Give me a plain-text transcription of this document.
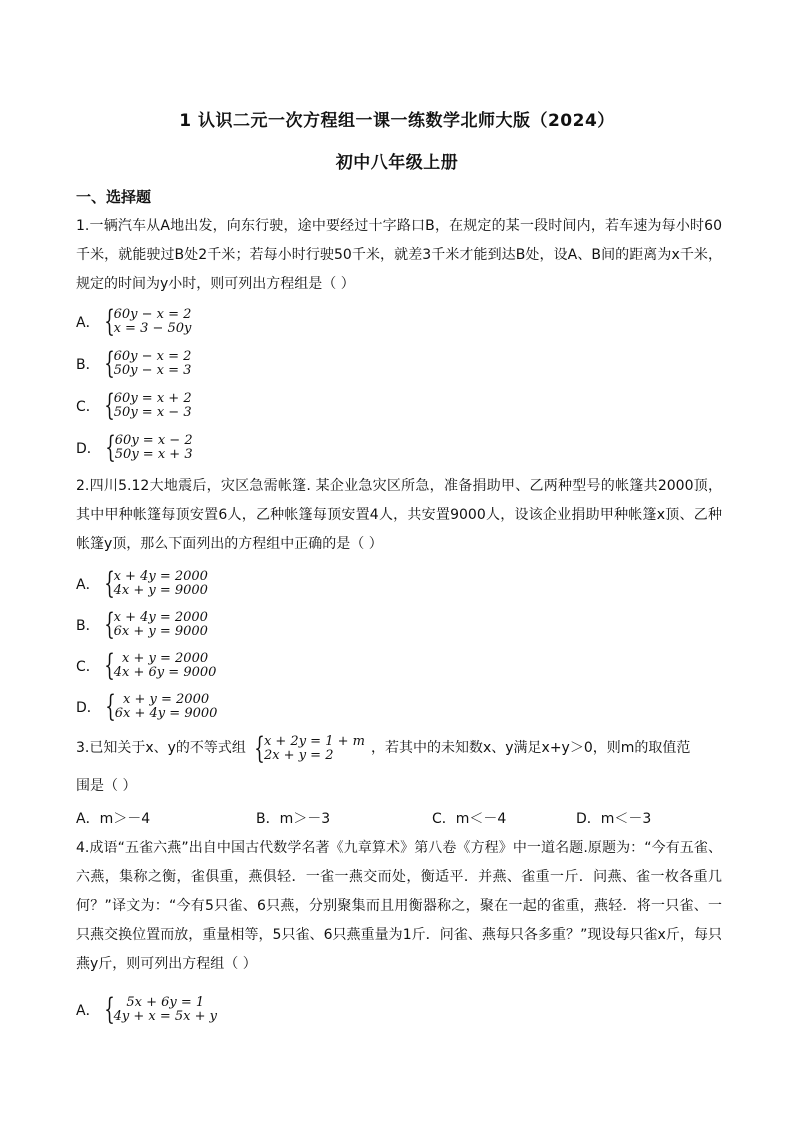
1 认识二元一次方程组一课一练数学北师大版（2024）
初中八年级上册
一、选择题
1.一辆汽车从A地出发，向东行驶，途中要经过十字路口B，在规定的某一段时间内，若车速为每小时60千米，就能驶过B处2千米；若每小时行驶50千米，就差3千米才能到达B处，设A、B间的距离为x千米，规定的时间为y小时，则可列出方程组是（ ）
A． { 60y − x = 2
x = 3 − 50y
B． { 60y − x = 2
50y − x = 3
C． { 60y = x + 2
50y = x − 3
D． { 60y = x − 2
50y = x + 3
2.四川5.12大地震后，灾区急需帐篷. 某企业急灾区所急，准备捐助甲、乙两种型号的帐篷共2000顶，其中甲种帐篷每顶安置6人，乙种帐篷每顶安置4人，共安置9000人，设该企业捐助甲种帐篷x顶、乙种帐篷y顶，那么下面列出的方程组中正确的是（ ）
A． { x + 4y = 2000
4x + y = 9000
B． { x + 4y = 2000
6x + y = 9000
C． { x + y = 2000
4x + 6y = 9000
D． { x + y = 2000
6x + 4y = 9000
3.已知关于x、y的不等式组 { x + 2y = 1 + m
2x + y = 2	，若其中的未知数x、y满足x+y＞0，则m的取值范
围是（ ）
A．m＞－4	B．m＞－3	C．m＜－4	D．m＜－3
4.成语“五雀六燕”出自中国古代数学名著《九章算术》第八卷《方程》中一道名题.原题为：“今有五雀、六燕，集称之衡，雀俱重，燕俱轻．一雀一燕交而处，衡适平．并燕、雀重一斤．问燕、雀一枚各重几何？”译文为：“今有5只雀、6只燕，分别聚集而且用衡器称之，聚在一起的雀重，燕轻．将一只雀、一只燕交换位置而放，重量相等，5只雀、6只燕重量为1斤．问雀、燕每只各多重？”现设每只雀x斤，每只燕y斤，则可列出方程组（ ）
A． { 5x + 6y = 1
4y + x = 5x + y
